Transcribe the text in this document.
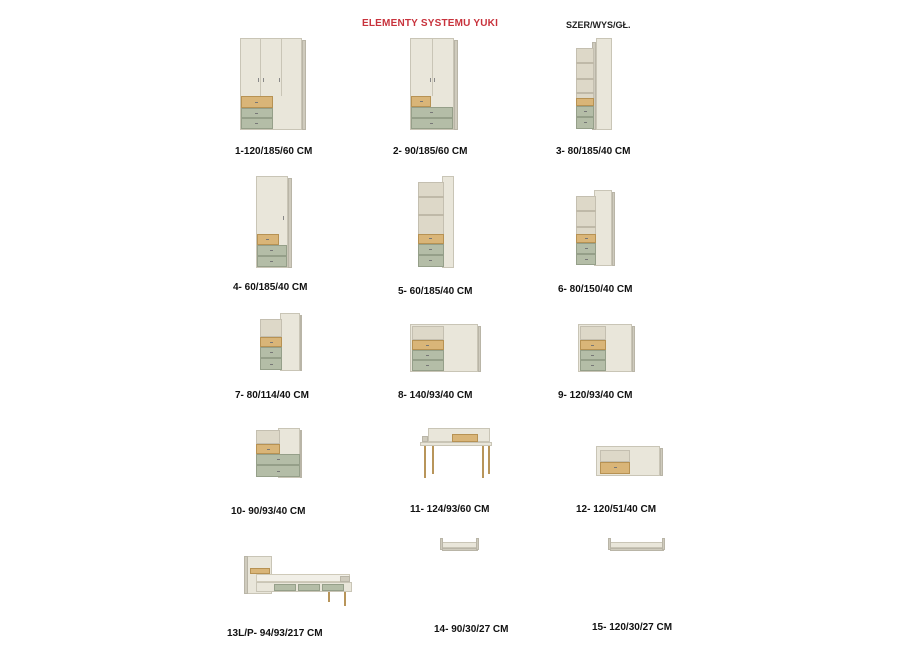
ELEMENTY SYSTEMU YUKI	SZER/WYS/GŁ.
1-120/185/60 CM	2- 90/185/60 CM	3- 80/185/40 CM
4- 60/185/40 CM	5- 60/185/40 CM	6- 80/150/40 CM
7- 80/114/40 CM	8- 140/93/40 CM	9- 120/93/40 CM
10- 90/93/40 CM	11- 124/93/60 CM	12- 120/51/40 CM
13L/P- 94/93/217 CM	14- 90/30/27 CM	15- 120/30/27 CM
